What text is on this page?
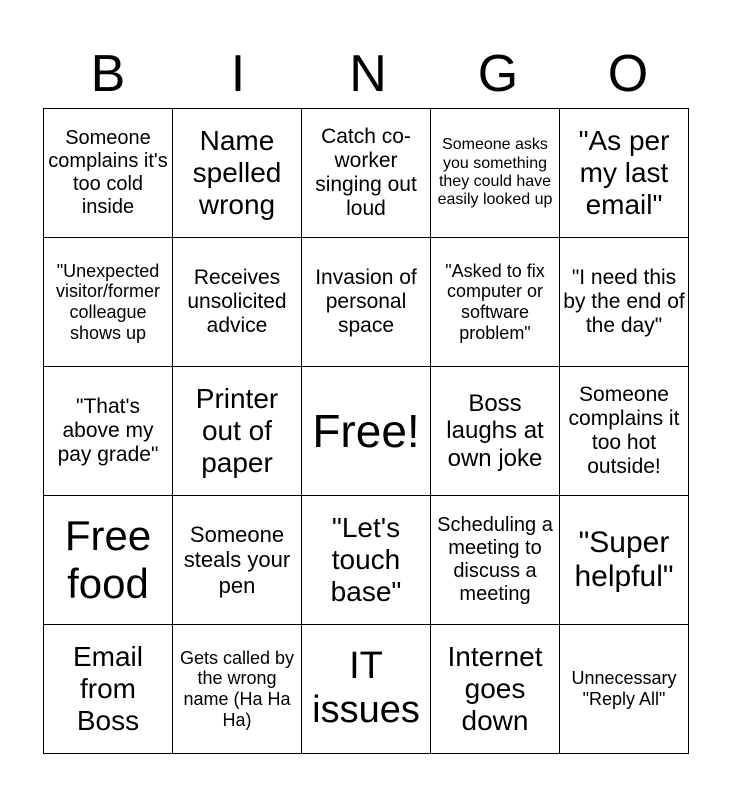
B	I	N	G	O
Someone complains it's too cold inside	Name spelled wrong	Catch co-worker singing out loud	Someone asks you something they could have easily looked up	"As per my last email"
"Unexpected visitor/former colleague shows up	Receives unsolicited advice	Invasion of personal space	"Asked to fix computer or software problem"	"I need this by the end of the day"
"That's above my pay grade"	Printer out of paper	Free!	Boss laughs at own joke	Someone complains it too hot outside!
Free food	Someone steals your pen	"Let's touch base"	Scheduling a meeting to discuss a meeting	"Super helpful"
Email from Boss	Gets called by the wrong name (Ha Ha Ha)	IT issues	Internet goes down	Unnecessary "Reply All"
